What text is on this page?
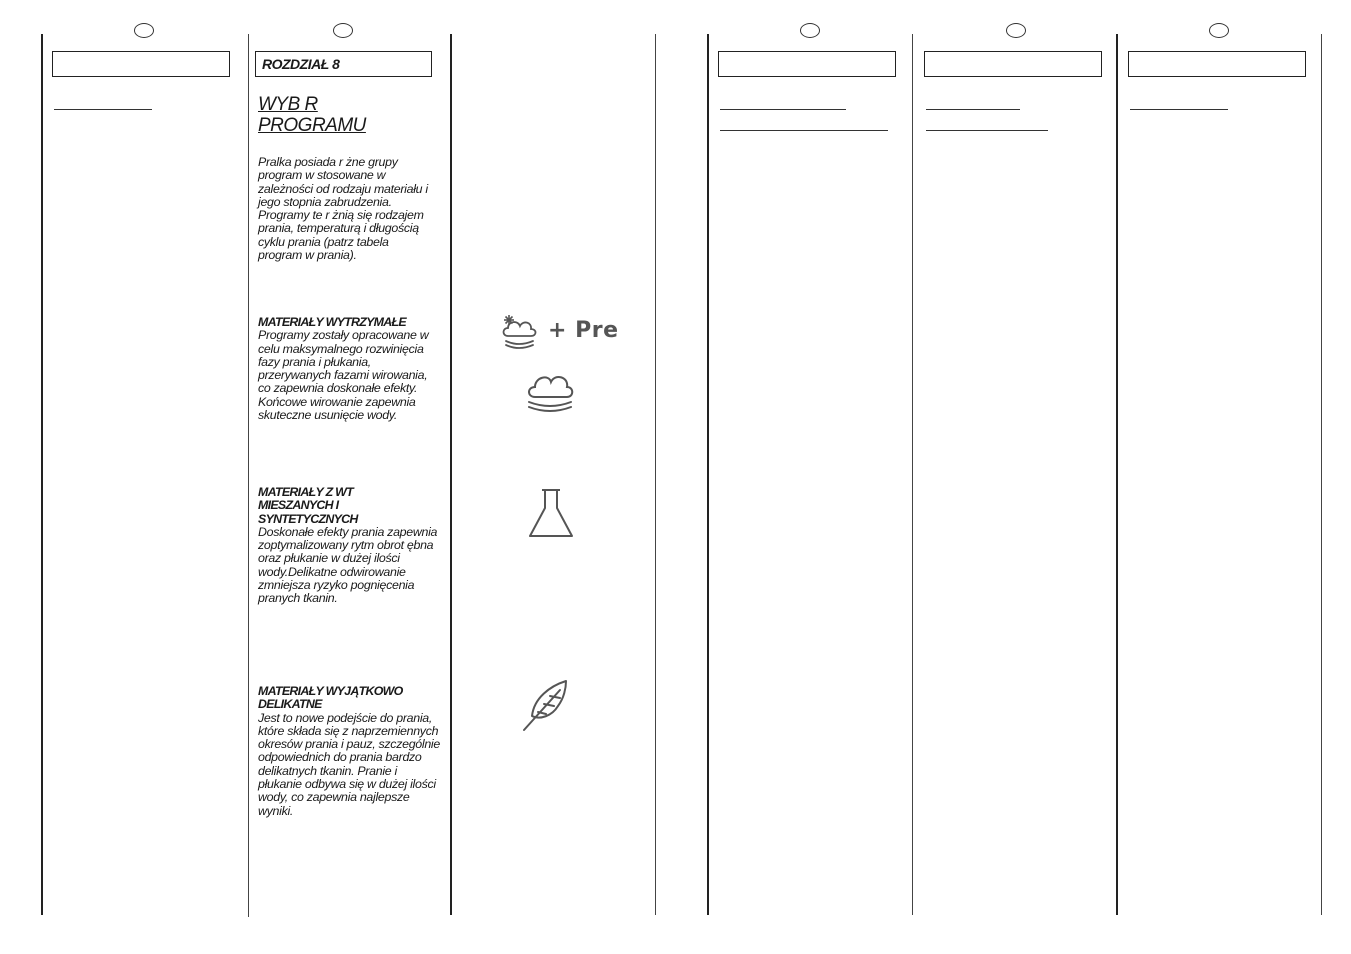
ROZDZIAŁ 8
WYB R
PROGRAMU

Pralka posiada r żne grupy program w stosowane w zależności od rodzaju materiału i jego stopnia zabrudzenia. Programy te r żnią się rodzajem prania, temperaturą i długością cyklu prania (patrz tabela program w prania).

MATERIAŁY WYTRZYMAŁE
Programy zostały opracowane w celu maksymalnego rozwinięcia fazy prania i płukania, przerywanych fazami wirowania, co zapewnia doskonałe efekty. Końcowe wirowanie zapewnia skuteczne usunięcie wody.
MATERIAŁY Z WT MIESZANYCH I SYNTETYCZNYCH
Doskonałe efekty prania zapewnia zoptymalizowany rytm obrot ębna oraz płukanie w dużej ilości wody.Delikatne odwirowanie zmniejsza ryzyko pognięcenia pranych tkanin.
MATERIAŁY WYJĄTKOWO DELIKATNE
Jest to nowe podejście do prania, które składa się z naprzemiennych okresów prania i pauz, szczególnie odpowiednich do prania bardzo delikatnych tkanin. Pranie i płukanie odbywa się w dużej ilości wody, co zapewnia najlepsze wyniki.
+ Pre
